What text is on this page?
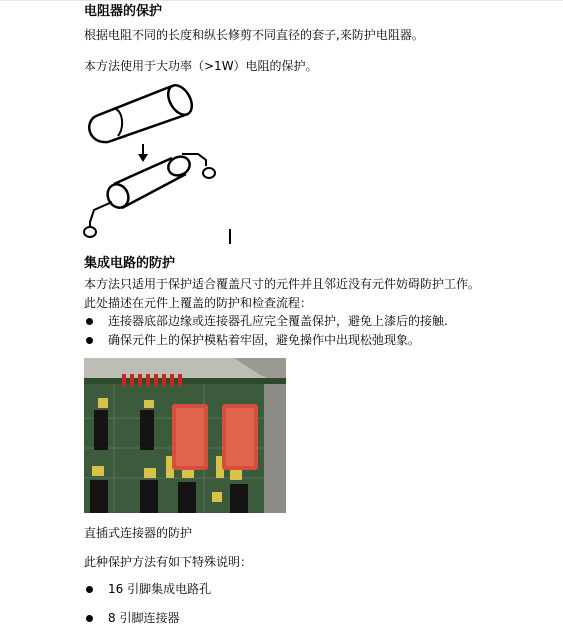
电阻器的保护
根据电阻不同的长度和纵长修剪不同直径的套子,来防护电阻器。
本方法使用于大功率（>1W）电阻的保护。
集成电路的防护
本方法只适用于保护适合覆盖尺寸的元件并且邻近没有元件妨碍防护工作。
此处描述在元件上覆盖的防护和检查流程：
连接器底部边缘或连接器孔应完全覆盖保护，避免上漆后的接触.
确保元件上的保护模粘着牢固，避免操作中出现松弛现象。
直插式连接器的防护
此种保护方法有如下特殊说明：
16 引脚集成电路孔
8 引脚连接器
